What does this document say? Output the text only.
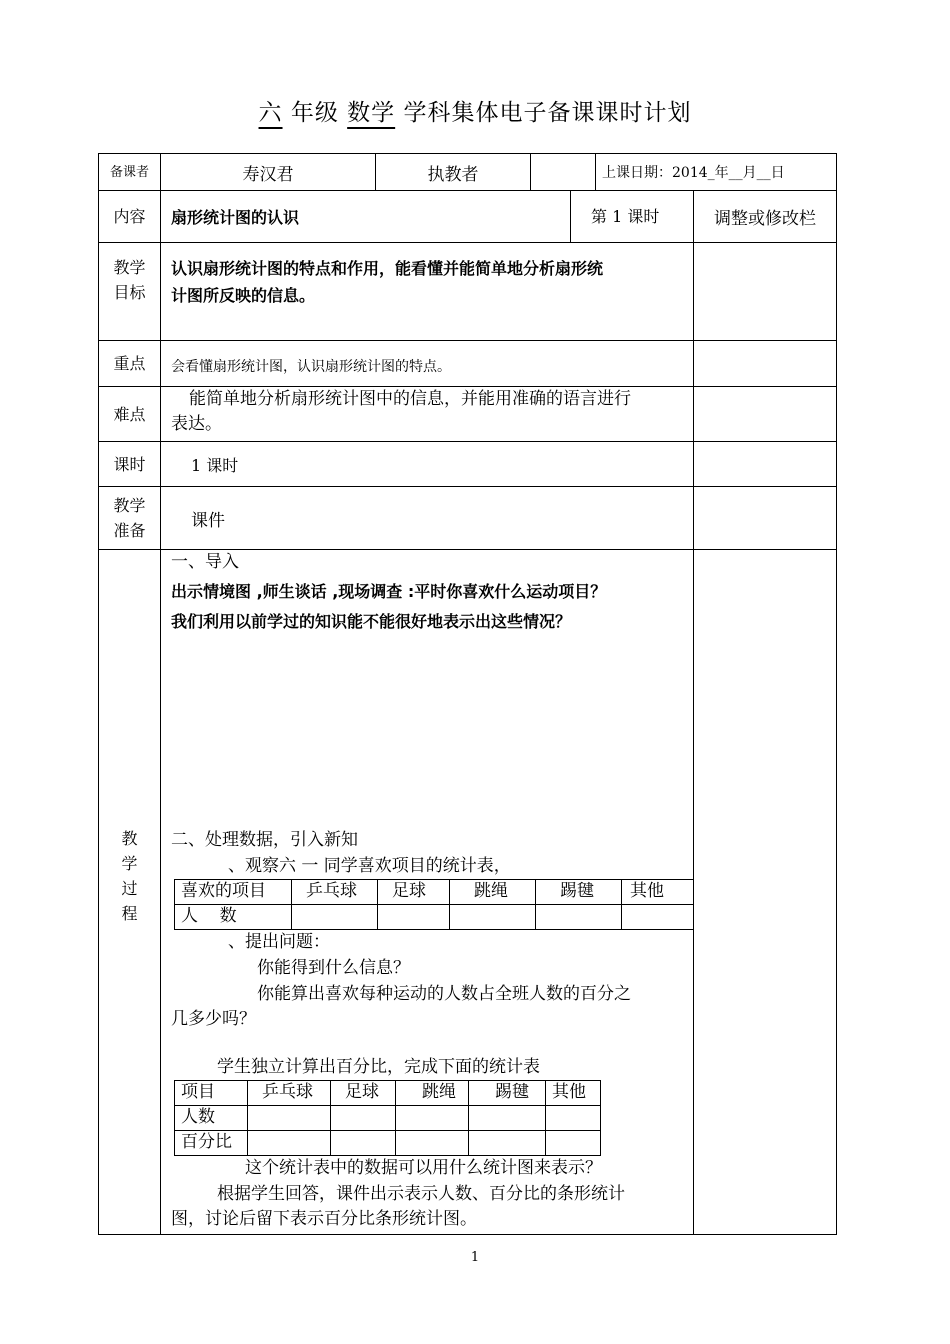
六 年级 数学 学科集体电子备课课时计划
备课者	寿汉君	执教者			上课日期：2014_年__月__日	
内容	扇形统计图的认识			第 1 课时		调整或修改栏

教学目标	认识扇形统计图的特点和作用，能看懂并能简单地分析扇形统
计图所反映的信息。					

重点	会看懂扇形统计图，认识扇形统计图的特点。					
难点	能简单地分析扇形统计图中的信息，并能用准确的语言进行
表达。					

课时	1 课时					

教学准备	课件					

教
学
过
程						

一、导入
出示情境图 ,师生谈话 ,现场调查 :平时你喜欢什么运动项目？
我们利用以前学过的知识能不能很好地表示出这些情况？
二、处理数据，引入新知
、观察六 一 同学喜欢项目的统计表，
喜欢的项目	乒乓球	足球	跳绳	踢毽	其他
人    数					
、提出问题：
你能得到什么信息？
你能算出喜欢每种运动的人数占全班人数的百分之
几多少吗？
学生独立计算出百分比，完成下面的统计表
项目	乒乓球	足球	跳绳	踢毽	其他
人数					
百分比					
这个统计表中的数据可以用什么统计图来表示？
根据学生回答，课件出示表示人数、百分比的条形统计
图，讨论后留下表示百分比条形统计图。
1
